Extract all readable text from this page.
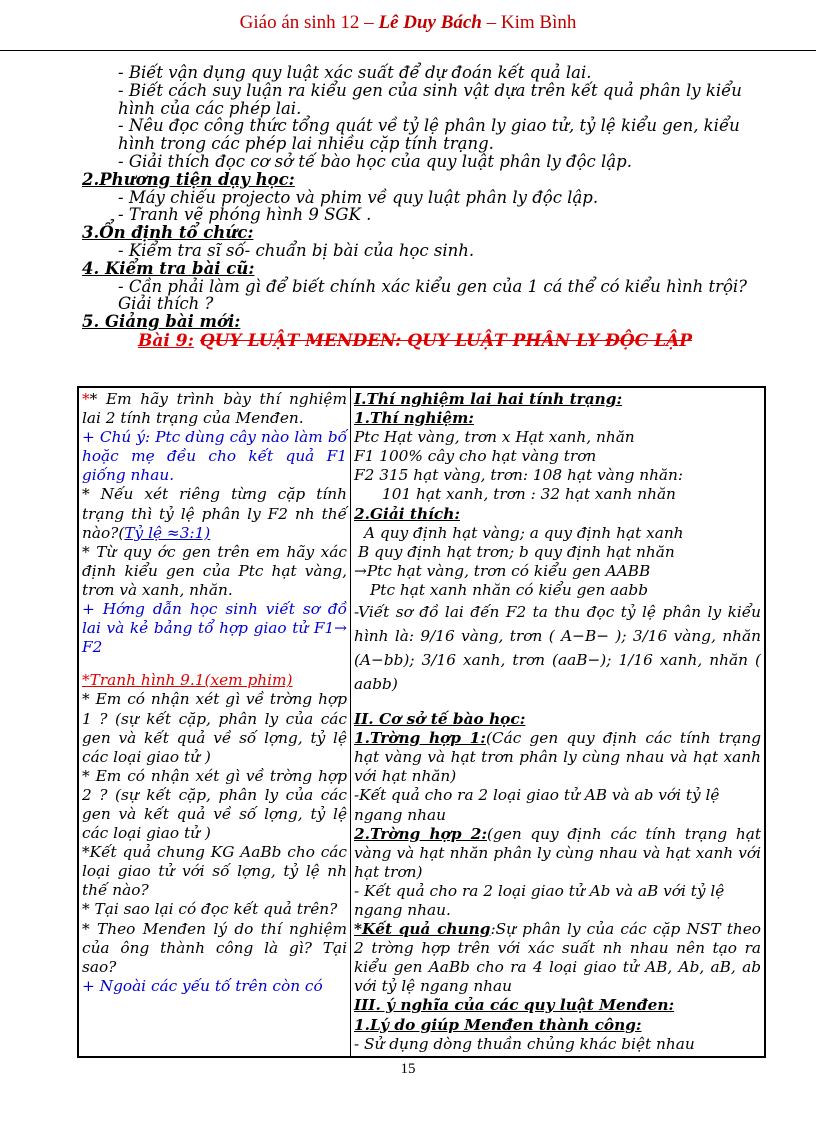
Giáo án sinh 12 – Lê Duy Bách – Kim Bình
- Biết vận dụng quy luật xác suất để dự đoán kết quả lai.
- Biết cách suy luận ra kiểu gen của sinh vật dựa trên kết quả phân ly kiểu hình của các phép lai.
- Nêu đọc công thức tổng quát về tỷ lệ phân ly giao tử, tỷ lệ kiểu gen, kiểu hình trong các phép lai nhiều cặp tính trạng.
- Giải thích đọc cơ sở tế bào học của quy luật phân ly độc lập.
2.Phương tiện dạy học:
- Máy chiếu projecto và phim về quy luật phân ly độc lập.
- Tranh vẽ phóng hình 9 SGK .
3.Ổn định tổ chức:
- Kiểm tra sĩ số- chuẩn bị bài của học sinh.
4. Kiểm tra bài cũ:
- Cần phải làm gì để biết chính xác kiểu gen của 1 cá thể có kiểu hình trội? Giải thích ?
5. Giảng bài mới:
Bài 9: QUY LUẬT MENDEN: QUY LUẬT PHÂN LY ĐỘC LẬP
** Em hãy trình bày thí nghiệm lai 2 tính trạng của Menđen.
+ Chú ý: Ptc dùng cây nào làm bố hoặc mẹ đều cho kết quả F1 giống nhau.
* Nếu xét riêng từng cặp tính trạng thì tỷ lệ phân ly F2 nh thế nào?(Tỷ lệ ≈3:1)
* Từ quy ớc gen trên em hãy xác định kiểu gen của Ptc hạt vàng, trơn và xanh, nhăn.
+ Hớng dẫn học sinh viết sơ đồ lai và kẻ bảng tổ hợp giao tử F1→ F2
*Tranh hình 9.1(xem phim)
* Em có nhận xét gì về trờng hợp 1 ? (sự kết cặp, phân ly của các gen và kết quả về số lợng, tỷ lệ các loại giao tử )
* Em có nhận xét gì về trờng hợp 2 ? (sự kết cặp, phân ly của các gen và kết quả về số lợng, tỷ lệ các loại giao tử )
*Kết quả chung KG AaBb cho các loại giao tử với số lợng, tỷ lệ nh thế nào?
* Tại sao lại có đọc kết quả trên?
* Theo Menđen lý do thí nghiệm của ông thành công là gì? Tại sao?
+ Ngoài các yếu tố trên còn có

I.Thí nghiệm lai hai tính trạng:
1.Thí nghiệm:
Ptc Hạt vàng, trơn x Hạt xanh, nhăn
F1 100% cây cho hạt vàng trơn
F2 315 hạt vàng, trơn: 108 hạt vàng nhăn:
101 hạt xanh, trơn : 32 hạt xanh nhăn
2.Giải thích:
A quy định hạt vàng; a quy định hạt xanh
B quy định hạt trơn; b quy định hạt nhăn
→Ptc hạt vàng, trơn có kiểu gen AABB
Ptc hạt xanh nhăn có kiểu gen aabb
-Viết sơ đồ lai đến F2 ta thu đọc tỷ lệ phân ly kiểu hình là: 9/16 vàng, trơn ( A−B− ); 3/16 vàng, nhăn (A−bb); 3/16 xanh, trơn (aaB−); 1/16 xanh, nhăn ( aabb)
II. Cơ sở tế bào học:
1.Trờng hợp 1:(Các gen quy định các tính trạng hạt vàng và hạt trơn phân ly cùng nhau và hạt xanh với hạt nhăn)
-Kết quả cho ra 2 loại giao tử AB và ab với tỷ lệ ngang nhau
2.Trờng hợp 2:(gen quy định các tính trạng hạt vàng và hạt nhăn phân ly cùng nhau và hạt xanh với hạt trơn)
- Kết quả cho ra 2 loại giao tử Ab và aB với tỷ lệ ngang nhau.
*Kết quả chung:Sự phân ly của các cặp NST theo 2 trờng hợp trên với xác suất nh nhau nên tạo ra kiểu gen AaBb cho ra 4 loại giao tử AB, Ab, aB, ab với tỷ lệ ngang nhau
III. ý nghĩa của các quy luật Menđen:
1.Lý do giúp Menđen thành công:
- Sử dụng dòng thuần chủng khác biệt nhau
15
